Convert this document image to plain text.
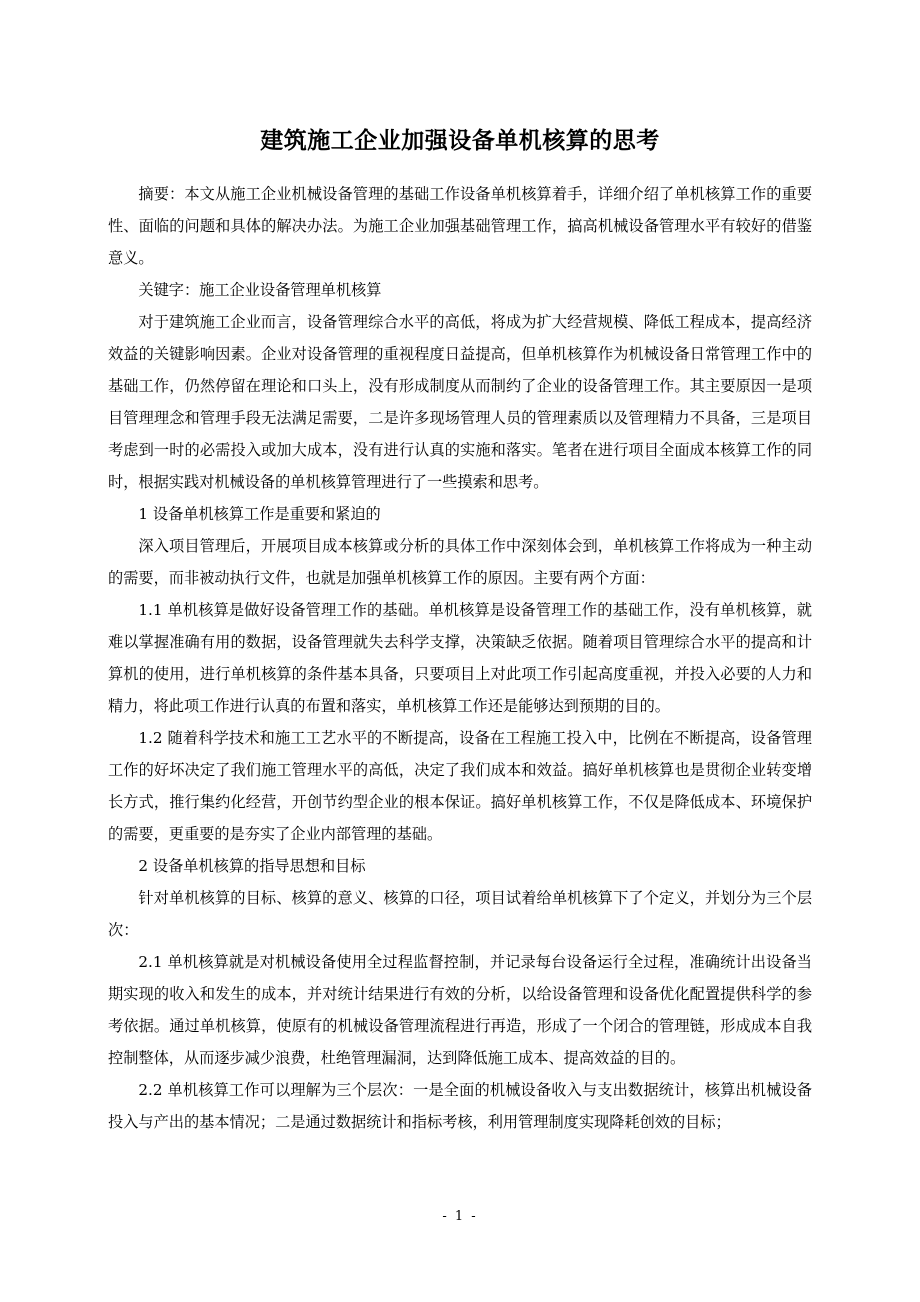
建筑施工企业加强设备单机核算的思考

摘要：本文从施工企业机械设备管理的基础工作设备单机核算着手，详细介绍了单机核算工作的重要性、面临的问题和具体的解决办法。为施工企业加强基础管理工作，搞高机械设备管理水平有较好的借鉴意义。

关键字：施工企业设备管理单机核算

对于建筑施工企业而言，设备管理综合水平的高低，将成为扩大经营规模、降低工程成本，提高经济效益的关键影响因素。企业对设备管理的重视程度日益提高，但单机核算作为机械设备日常管理工作中的基础工作，仍然停留在理论和口头上，没有形成制度从而制约了企业的设备管理工作。其主要原因一是项目管理理念和管理手段无法满足需要，二是许多现场管理人员的管理素质以及管理精力不具备，三是项目考虑到一时的必需投入或加大成本，没有进行认真的实施和落实。笔者在进行项目全面成本核算工作的同时，根据实践对机械设备的单机核算管理进行了一些摸索和思考。

1 设备单机核算工作是重要和紧迫的

深入项目管理后，开展项目成本核算或分析的具体工作中深刻体会到，单机核算工作将成为一种主动的需要，而非被动执行文件，也就是加强单机核算工作的原因。主要有两个方面：

1.1 单机核算是做好设备管理工作的基础。单机核算是设备管理工作的基础工作，没有单机核算，就难以掌握准确有用的数据，设备管理就失去科学支撑，决策缺乏依据。随着项目管理综合水平的提高和计算机的使用，进行单机核算的条件基本具备，只要项目上对此项工作引起高度重视，并投入必要的人力和精力，将此项工作进行认真的布置和落实，单机核算工作还是能够达到预期的目的。

1.2 随着科学技术和施工工艺水平的不断提高，设备在工程施工投入中，比例在不断提高，设备管理工作的好坏决定了我们施工管理水平的高低，决定了我们成本和效益。搞好单机核算也是贯彻企业转变增长方式，推行集约化经营，开创节约型企业的根本保证。搞好单机核算工作，不仅是降低成本、环境保护的需要，更重要的是夯实了企业内部管理的基础。

2 设备单机核算的指导思想和目标

针对单机核算的目标、核算的意义、核算的口径，项目试着给单机核算下了个定义，并划分为三个层次：

2.1 单机核算就是对机械设备使用全过程监督控制，并记录每台设备运行全过程，准确统计出设备当期实现的收入和发生的成本，并对统计结果进行有效的分析，以给设备管理和设备优化配置提供科学的参考依据。通过单机核算，使原有的机械设备管理流程进行再造，形成了一个闭合的管理链，形成成本自我控制整体，从而逐步减少浪费，杜绝管理漏洞，达到降低施工成本、提高效益的目的。

2.2 单机核算工作可以理解为三个层次：一是全面的机械设备收入与支出数据统计，核算出机械设备投入与产出的基本情况；二是通过数据统计和指标考核，利用管理制度实现降耗创效的目标；

- 1 -
